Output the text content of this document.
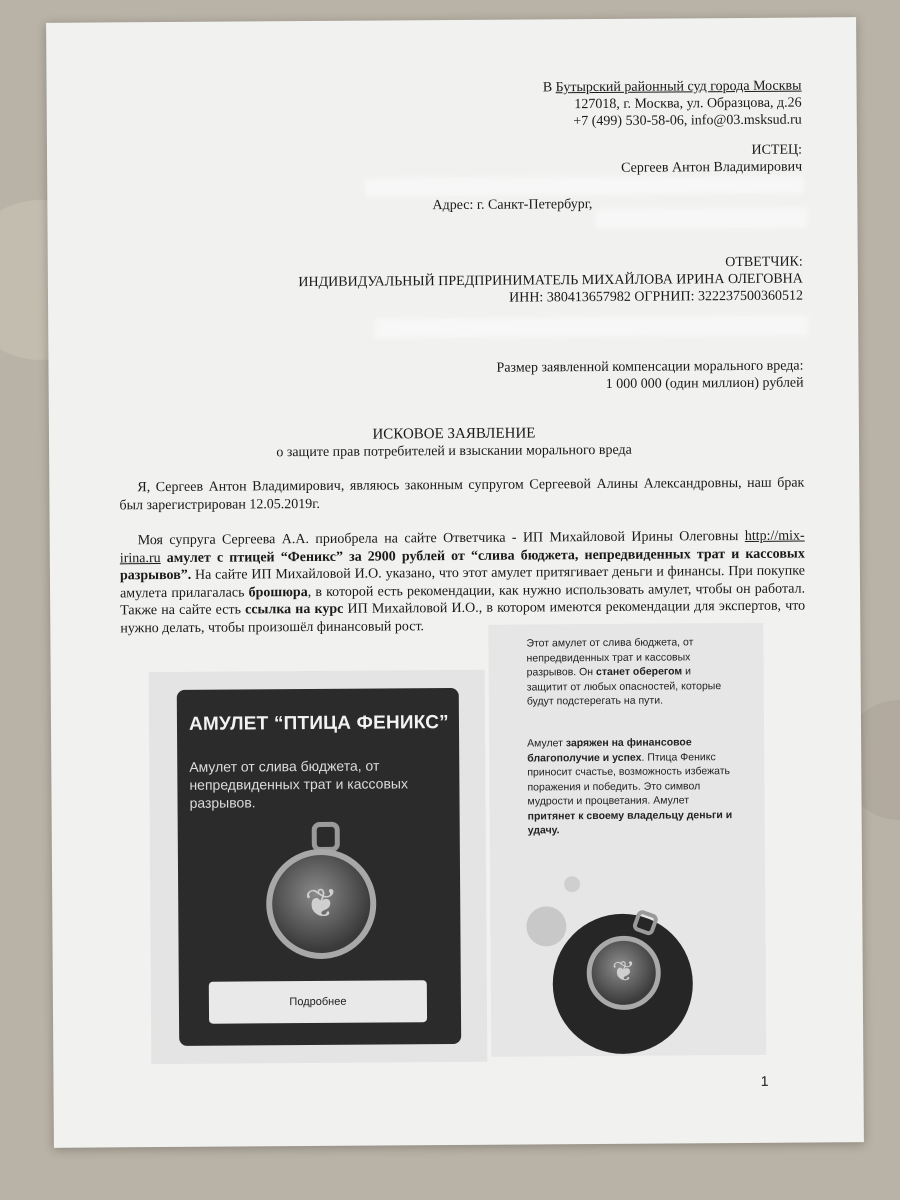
В Бутырский районный суд города Москвы
127018, г. Москва, ул. Образцова, д.26
+7 (499) 530-58-06, info@03.msksud.ru
ИСТЕЦ:
Сергеев Антон Владимирович
Адрес: г. Санкт-Петербург,
ОТВЕТЧИК:
ИНДИВИДУАЛЬНЫЙ ПРЕДПРИНИМАТЕЛЬ МИХАЙЛОВА ИРИНА ОЛЕГОВНА
ИНН: 380413657982 ОГРНИП: 322237500360512
Размер заявленной компенсации морального вреда:
1 000 000 (один миллион) рублей
ИСКОВОЕ ЗАЯВЛЕНИЕ
о защите прав потребителей и взыскании морального вреда
Я, Сергеев Антон Владимирович, являюсь законным супругом Сергеевой Алины Александровны, наш брак был зарегистрирован 12.05.2019г.
Моя супруга Сергеева А.А. приобрела на сайте Ответчика - ИП Михайловой Ирины Олеговны http://mix-irina.ru амулет с птицей “Феникс” за 2900 рублей от “слива бюджета, непредвиденных трат и кассовых разрывов”. На сайте ИП Михайловой И.О. указано, что этот амулет притягивает деньги и финансы. При покупке амулета прилагалась брошюра, в которой есть рекомендации, как нужно использовать амулет, чтобы он работал. Также на сайте есть ссылка на курс ИП Михайловой И.О., в котором имеются рекомендации для экспертов, что нужно делать, чтобы произошёл финансовый рост.
АМУЛЕТ “ПТИЦА ФЕНИКС”
Амулет от слива бюджета, от непредвиденных трат и кассовых разрывов.
❦
Подробнее
Этот амулет от слива бюджета, от непредвиденных трат и кассовых разрывов. Он станет оберегом и защитит от любых опасностей, которые будут подстерегать на пути.
Амулет заряжен на финансовое благополучие и успех. Птица Феникс приносит счастье, возможность избежать поражения и победить. Это символ мудрости и процветания. Амулет притянет к своему владельцу деньги и удачу.
❦
1
